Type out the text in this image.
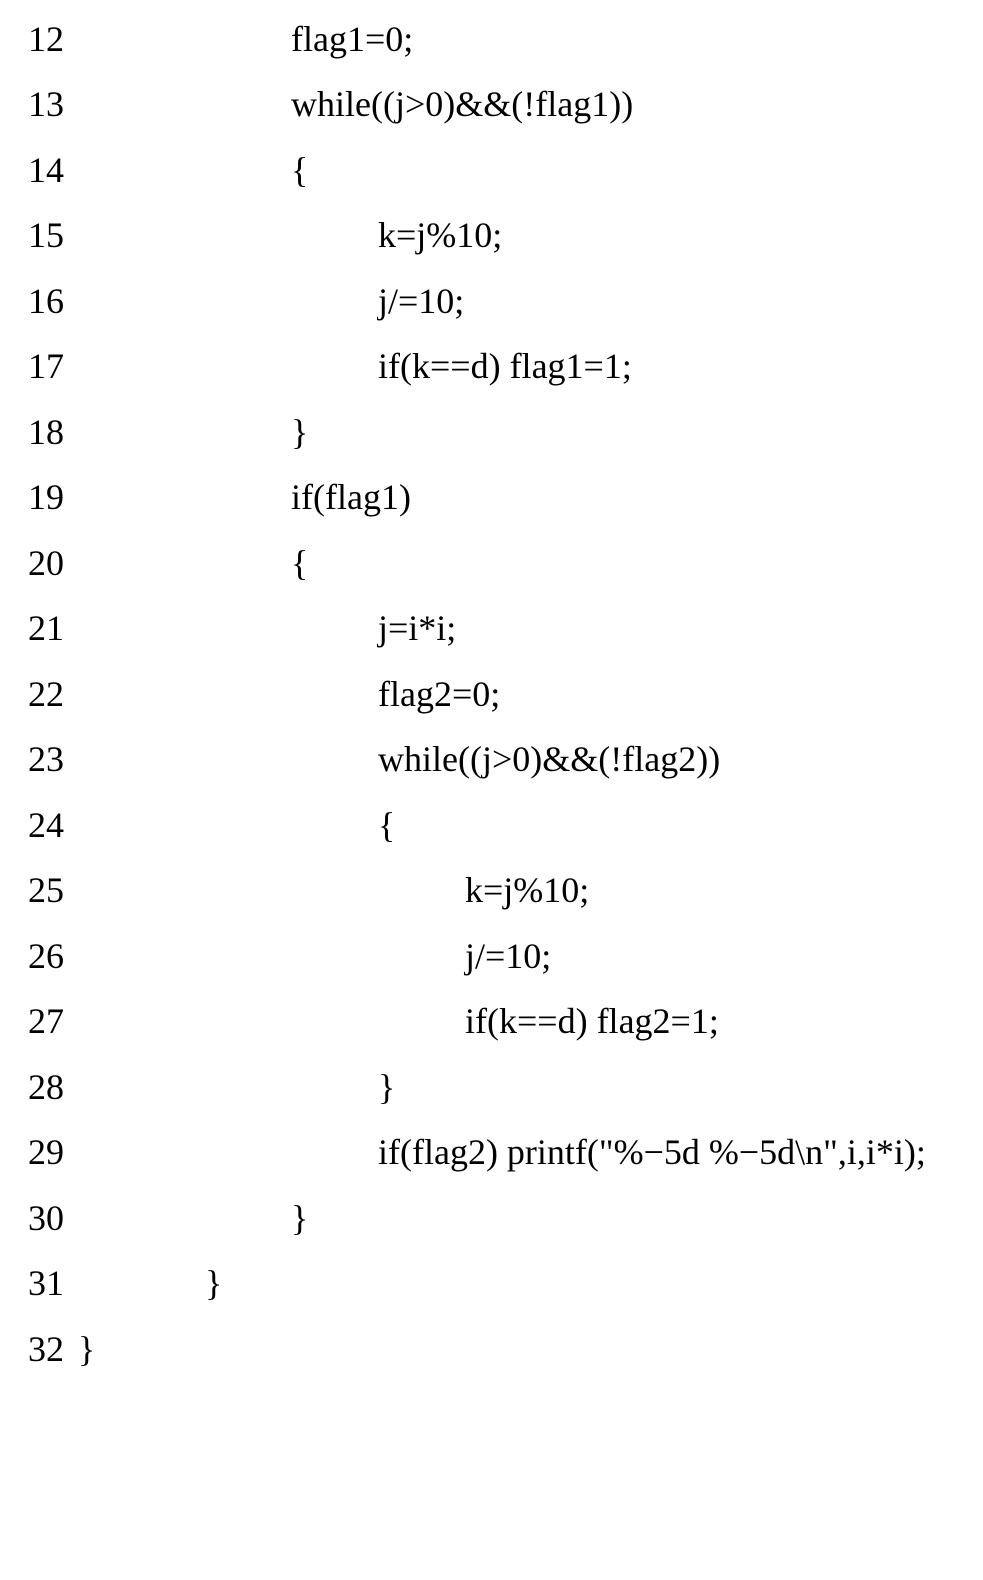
12

	flag1=0;

13

	while((j>0)&&(!flag1))

14

	{

15

	k=j%10;

16

	j/=10;

17

	if(k==d) flag1=1;

18

	}

19

	if(flag1)

20

	{

21

	j=i*i;

22

	flag2=0;

23

	while((j>0)&&(!flag2))

24

	{

25

	k=j%10;

26

	j/=10;

27

	if(k==d) flag2=1;

28

	}

29

	if(flag2) printf("%−5d %−5d\n",i,i*i);

30

	}

31

	}

32

}
